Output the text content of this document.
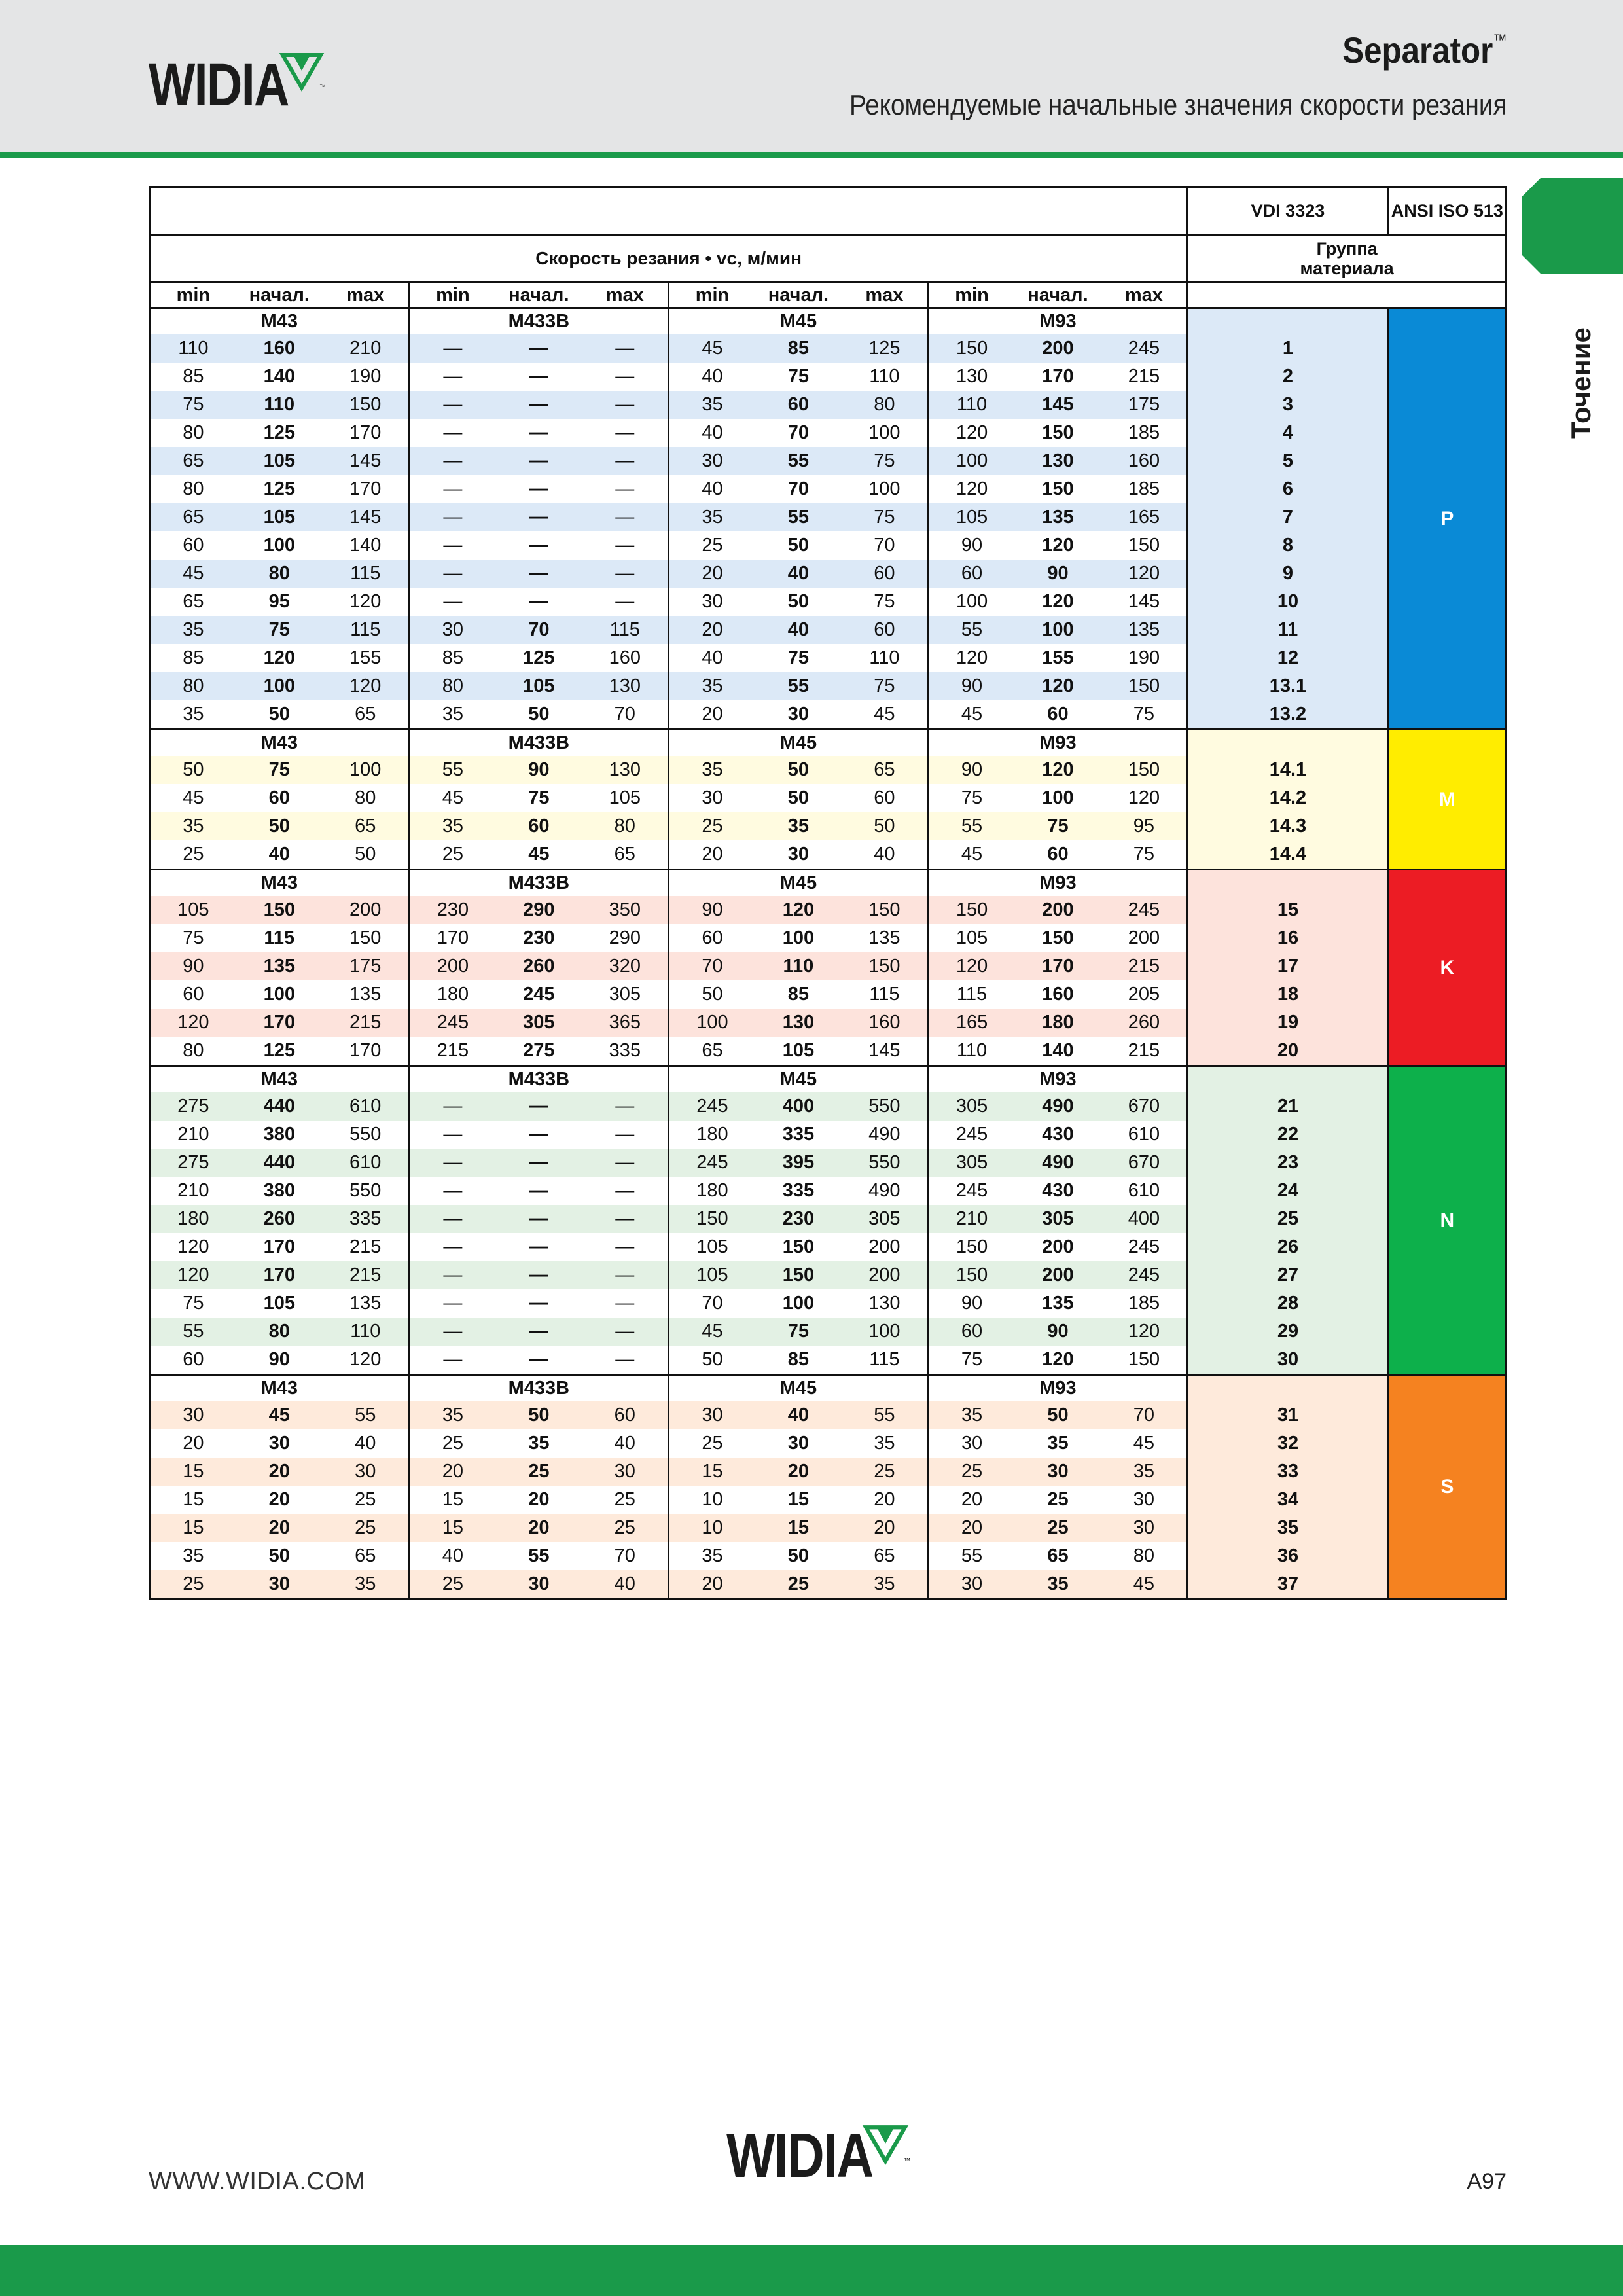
WIDIA	™
Separator™
Рекомендуемые начальные значения скорости резания
Точение
												VDI 3323	ANSI ISO 513
Скорость резания • vc, м/мин												Группа
материала	

min	начал.	max	min	начал.	max	min	начал.	max	min	начал.	max		
	M43			M433B			M45			M93			P
110	160	210	—	—	—	45	85	125	150	200	245	1	
85	140	190	—	—	—	40	75	110	130	170	215	2	
75	110	150	—	—	—	35	60	80	110	145	175	3	
80	125	170	—	—	—	40	70	100	120	150	185	4	
65	105	145	—	—	—	30	55	75	100	130	160	5	
80	125	170	—	—	—	40	70	100	120	150	185	6	
65	105	145	—	—	—	35	55	75	105	135	165	7	
60	100	140	—	—	—	25	50	70	90	120	150	8	
45	80	115	—	—	—	20	40	60	60	90	120	9	
65	95	120	—	—	—	30	50	75	100	120	145	10	
35	75	115	30	70	115	20	40	60	55	100	135	11	
85	120	155	85	125	160	40	75	110	120	155	190	12	
80	100	120	80	105	130	35	55	75	90	120	150	13.1	
35	50	65	35	50	70	20	30	45	45	60	75	13.2	
	M43			M433B			M45			M93			M
50	75	100	55	90	130	35	50	65	90	120	150	14.1	
45	60	80	45	75	105	30	50	60	75	100	120	14.2	
35	50	65	35	60	80	25	35	50	55	75	95	14.3	
25	40	50	25	45	65	20	30	40	45	60	75	14.4	
	M43			M433B			M45			M93			K
105	150	200	230	290	350	90	120	150	150	200	245	15	
75	115	150	170	230	290	60	100	135	105	150	200	16	
90	135	175	200	260	320	70	110	150	120	170	215	17	
60	100	135	180	245	305	50	85	115	115	160	205	18	
120	170	215	245	305	365	100	130	160	165	180	260	19	
80	125	170	215	275	335	65	105	145	110	140	215	20	
	M43			M433B			M45			M93			N
275	440	610	—	—	—	245	400	550	305	490	670	21	
210	380	550	—	—	—	180	335	490	245	430	610	22	
275	440	610	—	—	—	245	395	550	305	490	670	23	
210	380	550	—	—	—	180	335	490	245	430	610	24	
180	260	335	—	—	—	150	230	305	210	305	400	25	
120	170	215	—	—	—	105	150	200	150	200	245	26	
120	170	215	—	—	—	105	150	200	150	200	245	27	
75	105	135	—	—	—	70	100	130	90	135	185	28	
55	80	110	—	—	—	45	75	100	60	90	120	29	
60	90	120	—	—	—	50	85	115	75	120	150	30	
	M43			M433B			M45			M93			S
30	45	55	35	50	60	30	40	55	35	50	70	31	
20	30	40	25	35	40	25	30	35	30	35	45	32	
15	20	30	20	25	30	15	20	25	25	30	35	33	
15	20	25	15	20	25	10	15	20	20	25	30	34	
15	20	25	15	20	25	10	15	20	20	25	30	35	
35	50	65	40	55	70	35	50	65	55	65	80	36	
25	30	35	25	30	40	20	25	35	30	35	45	37	
WWW.WIDIA.COM	WIDIA	™
A97
